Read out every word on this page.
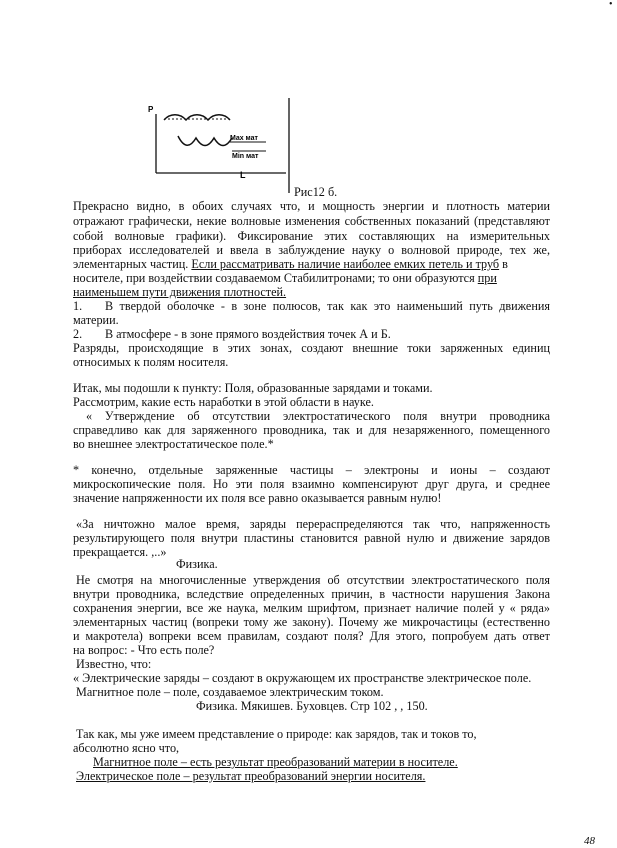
•
P
Max мат
Min мат
L
Рис12 б.
Прекрасно видно, в обоих случаях что, и мощность энергии и плотность материи
отражают графически, некие волновые изменения собственных показаний (представляют
собой волновые графики). Фиксирование этих составляющих на измерительных
приборах исследователей и ввела в заблуждение науку о волновой природе, тех же,
элементарных частиц. Если рассматривать наличие наиболее емких петель и труб в
носителе, при воздействии создаваемом Стабилитронами; то они образуются при
наименьшем пути движения плотностей.
1. В твердой оболочке - в зоне полюсов, так как это наименьший путь движения
материи.
2. В атмосфере - в зоне прямого воздействия точек А и Б.
Разряды, происходящие в этих зонах, создают внешние токи заряженных единиц
относимых к полям носителя.
Итак, мы подошли к пункту: Поля, образованные зарядами и токами.
Рассмотрим, какие есть наработки в этой области в науке.
« Утверждение об отсутствии электростатического поля внутри проводника
справедливо как для заряженного проводника, так и для незаряженного, помещенного
во внешнее электростатическое поле.*
* конечно, отдельные заряженные частицы – электроны и ионы – создают
микроскопические поля. Но эти поля взаимно компенсируют друг друга, и среднее
значение напряженности их поля все равно оказывается равным нулю!
«За ничтожно малое время, заряды перераспределяются так что, напряженность
результирующего поля внутри пластины становится равной нулю и движение зарядов
прекращается. ,..»
Физика.
Не смотря на многочисленные утверждения об отсутствии электростатического поля
внутри проводника, вследствие определенных причин, в частности нарушения Закона
сохранения энергии, все же наука, мелким шрифтом, признает наличие полей у « ряда»
элементарных частиц (вопреки тому же закону). Почему же микрочастицы (естественно
и макротела) вопреки всем правилам, создают поля? Для этого, попробуем дать ответ
на вопрос: - Что есть поле?
Известно, что:
« Электрические заряды – создают в окружающем их пространстве электрическое поле.
Магнитное поле – поле, создаваемое электрическим током.
Физика. Мякишев. Буховцев. Стр 102 , , 150.
Так как, мы уже имеем представление о природе: как зарядов, так и токов то,
абсолютно ясно что,
Магнитное поле – есть результат преобразований материи в носителе.
Электрическое поле – результат преобразований энергии носителя.
48
